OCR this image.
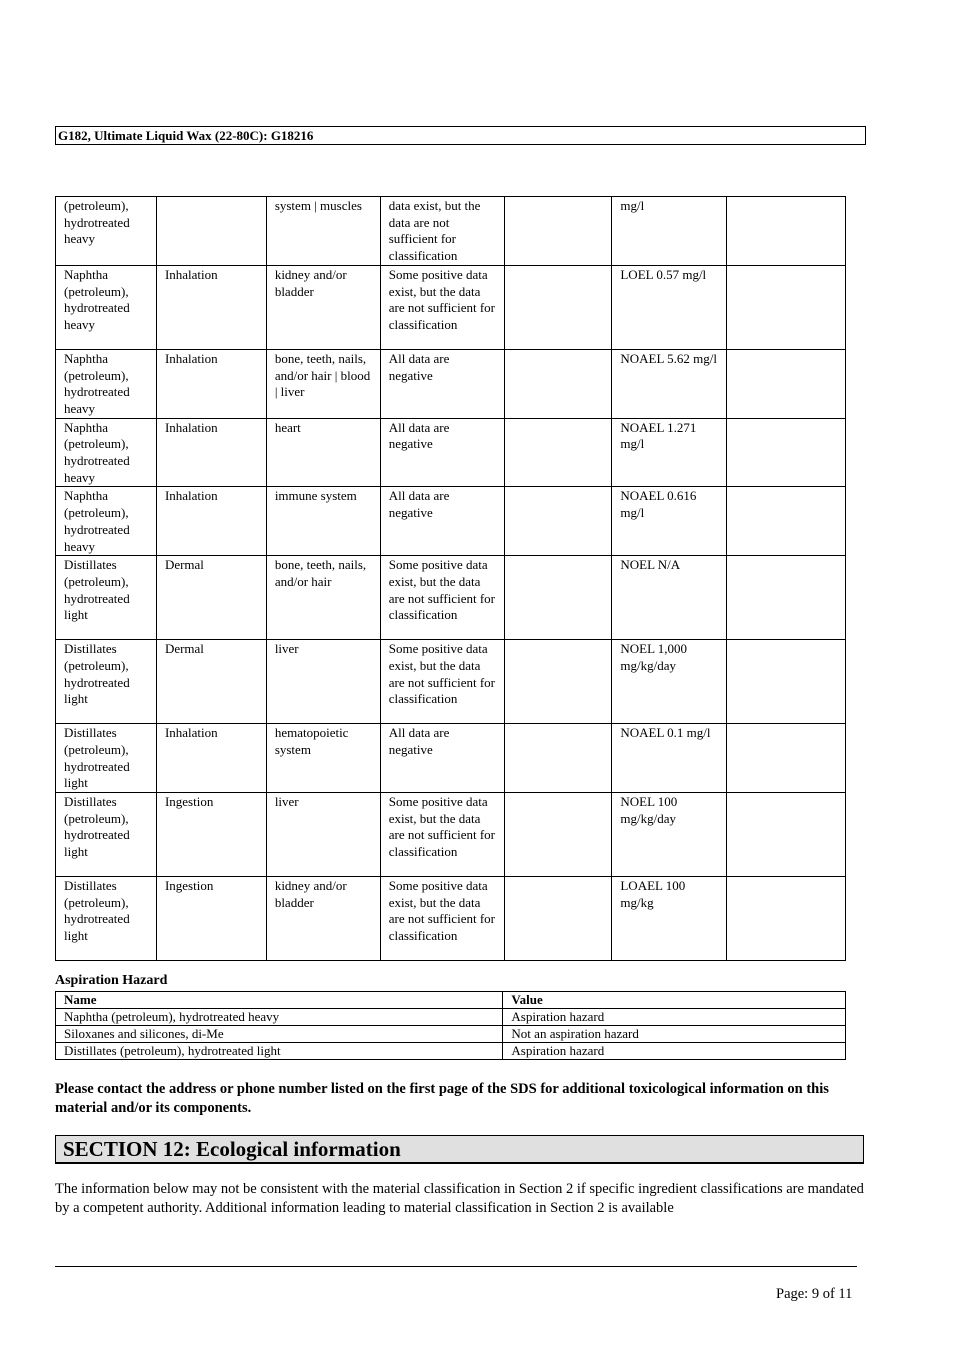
G182, Ultimate Liquid Wax (22-80C): G18216
(petroleum), hydrotreated heavy		system | muscles	data exist, but the data are not sufficient for classification		mg/l	
Naphtha (petroleum), hydrotreated heavy	Inhalation	kidney and/or bladder	Some positive data exist, but the data are not sufficient for classification		LOEL 0.57 mg/l	
Naphtha (petroleum), hydrotreated heavy	Inhalation	bone, teeth, nails, and/or hair | blood | liver	All data are negative		NOAEL 5.62 mg/l	
Naphtha (petroleum), hydrotreated heavy	Inhalation	heart	All data are negative		NOAEL 1.271 mg/l	
Naphtha (petroleum), hydrotreated heavy	Inhalation	immune system	All data are negative		NOAEL 0.616 mg/l	
Distillates (petroleum), hydrotreated light	Dermal	bone, teeth, nails, and/or hair	Some positive data exist, but the data are not sufficient for classification		NOEL N/A	
Distillates (petroleum), hydrotreated light	Dermal	liver	Some positive data exist, but the data are not sufficient for classification		NOEL 1,000 mg/kg/day	
Distillates (petroleum), hydrotreated light	Inhalation	hematopoietic system	All data are negative		NOAEL 0.1 mg/l	
Distillates (petroleum), hydrotreated light	Ingestion	liver	Some positive data exist, but the data are not sufficient for classification		NOEL 100 mg/kg/day	
Distillates (petroleum), hydrotreated light	Ingestion	kidney and/or bladder	Some positive data exist, but the data are not sufficient for classification		LOAEL 100 mg/kg	
Aspiration Hazard
Name	Value
Naphtha (petroleum), hydrotreated heavy	Aspiration hazard
Siloxanes and silicones, di-Me	Not an aspiration hazard
Distillates (petroleum), hydrotreated light	Aspiration hazard
Please contact the address or phone number listed on the first page of the SDS for additional toxicological information on this material and/or its components.
SECTION 12: Ecological information
The information below may not be consistent with the material classification in Section 2 if specific ingredient classifications are mandated by a competent authority. Additional information leading to material classification in Section 2 is available
Page: 9 of 11
